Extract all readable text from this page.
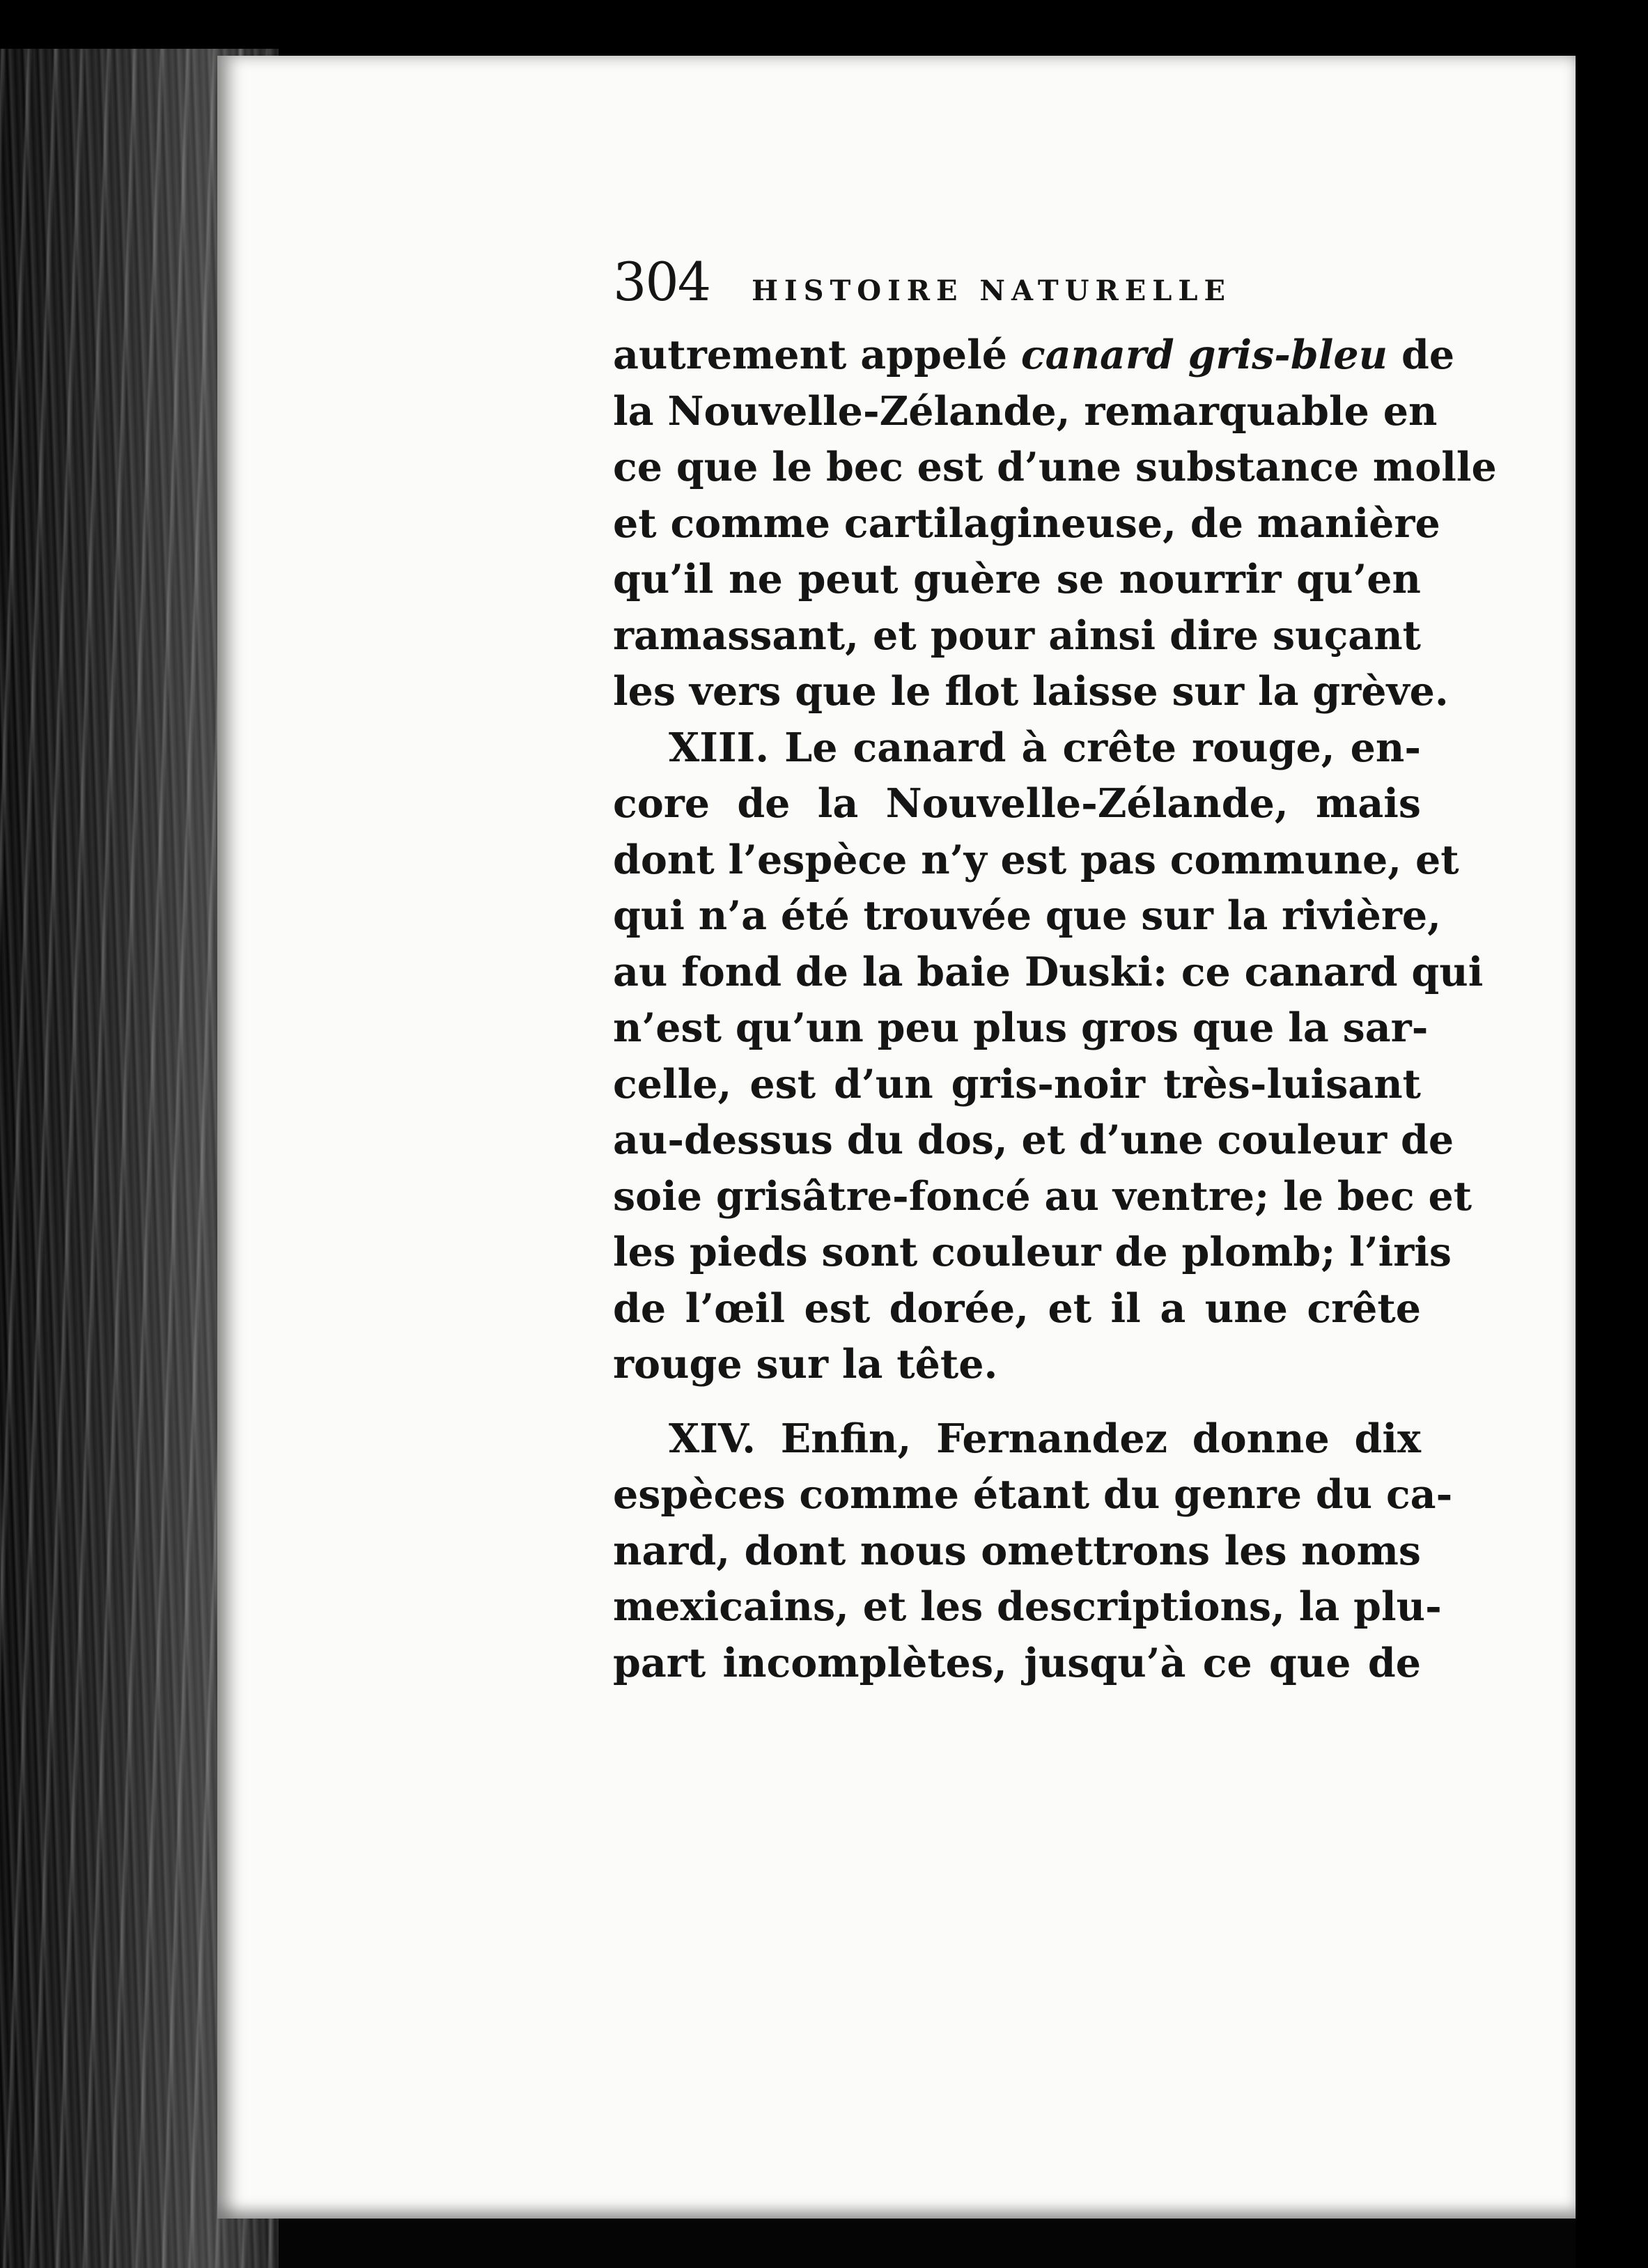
304 HISTOIRE NATURELLE
autrement appelé canard gris-bleu de
la Nouvelle-Zélande, remarquable en
ce que le bec est d’une substance molle
et comme cartilagineuse, de manière
qu’il ne peut guère se nourrir qu’en
ramassant, et pour ainsi dire suçant
les vers que le flot laisse sur la grève.
XIII. Le canard à crête rouge, en-
core de la Nouvelle-Zélande, mais
dont l’espèce n’y est pas commune, et
qui n’a été trouvée que sur la rivière,
au fond de la baie Duski: ce canard qui
n’est qu’un peu plus gros que la sar-
celle, est d’un gris-noir très-luisant
au-dessus du dos, et d’une couleur de
soie grisâtre-foncé au ventre; le bec et
les pieds sont couleur de plomb; l’iris
de l’œil est dorée, et il a une crête
rouge sur la tête.
XIV. Enfin, Fernandez donne dix
espèces comme étant du genre du ca-
nard, dont nous omettrons les noms
mexicains, et les descriptions, la plu-
part incomplètes, jusqu’à ce que de
